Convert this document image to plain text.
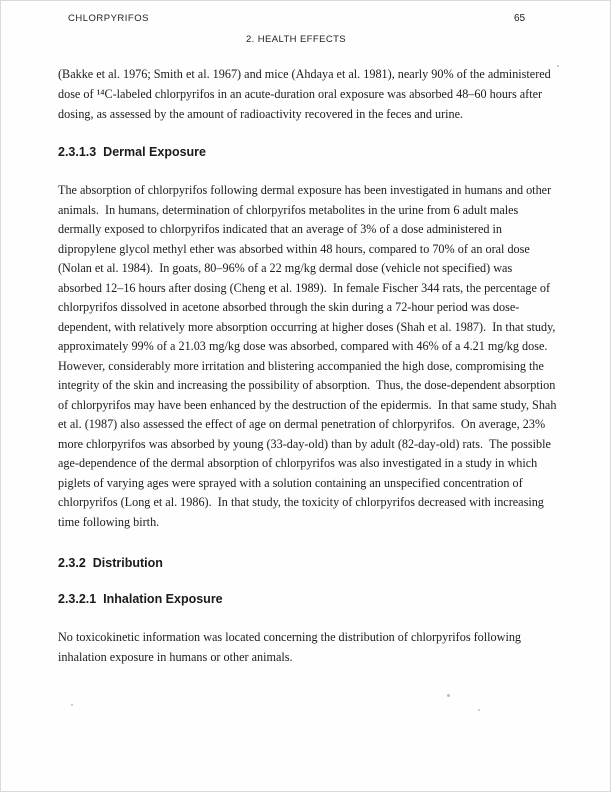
CHLORPYRIFOS	65
2. HEALTH EFFECTS
(Bakke et al. 1976; Smith et al. 1967) and mice (Ahdaya et al. 1981), nearly 90% of the administered
dose of ¹⁴C-labeled chlorpyrifos in an acute-duration oral exposure was absorbed 48–60 hours after
dosing, as assessed by the amount of radioactivity recovered in the feces and urine.
2.3.1.3  Dermal Exposure
The absorption of chlorpyrifos following dermal exposure has been investigated in humans and other
animals.  In humans, determination of chlorpyrifos metabolites in the urine from 6 adult males
dermally exposed to chlorpyrifos indicated that an average of 3% of a dose administered in
dipropylene glycol methyl ether was absorbed within 48 hours, compared to 70% of an oral dose
(Nolan et al. 1984).  In goats, 80–96% of a 22 mg/kg dermal dose (vehicle not specified) was
absorbed 12–16 hours after dosing (Cheng et al. 1989).  In female Fischer 344 rats, the percentage of
chlorpyrifos dissolved in acetone absorbed through the skin during a 72-hour period was dose-
dependent, with relatively more absorption occurring at higher doses (Shah et al. 1987).  In that study,
approximately 99% of a 21.03 mg/kg dose was absorbed, compared with 46% of a 4.21 mg/kg dose.
However, considerably more irritation and blistering accompanied the high dose, compromising the
integrity of the skin and increasing the possibility of absorption.  Thus, the dose-dependent absorption
of chlorpyrifos may have been enhanced by the destruction of the epidermis.  In that same study, Shah
et al. (1987) also assessed the effect of age on dermal penetration of chlorpyrifos.  On average, 23%
more chlorpyrifos was absorbed by young (33-day-old) than by adult (82-day-old) rats.  The possible
age-dependence of the dermal absorption of chlorpyrifos was also investigated in a study in which
piglets of varying ages were sprayed with a solution containing an unspecified concentration of
chlorpyrifos (Long et al. 1986).  In that study, the toxicity of chlorpyrifos decreased with increasing
time following birth.
2.3.2  Distribution
2.3.2.1  Inhalation Exposure
No toxicokinetic information was located concerning the distribution of chlorpyrifos following
inhalation exposure in humans or other animals.
